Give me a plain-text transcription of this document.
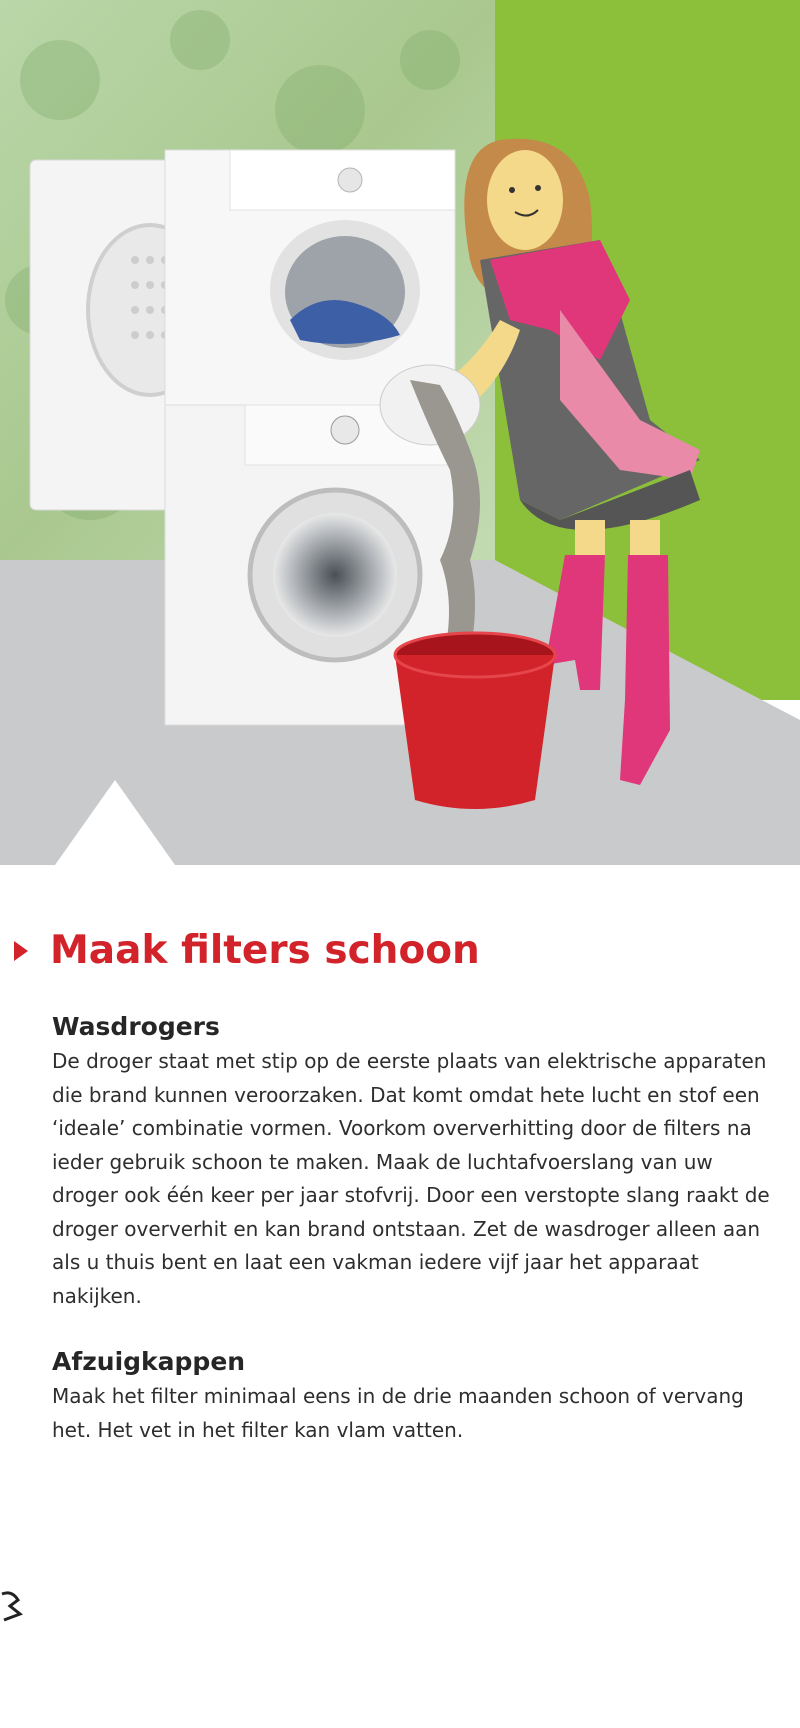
Maak filters schoon
Wasdrogers

De droger staat met stip op de eerste plaats van elektrische apparaten die brand kunnen veroorzaken. Dat komt omdat hete lucht en stof een ‘ideale’ combinatie vormen. Voorkom oververhitting door de filters na ieder gebruik schoon te maken. Maak de luchtafvoerslang van uw droger ook één keer per jaar stofvrij. Door een verstopte slang raakt de droger oververhit en kan brand ontstaan. Zet de wasdroger alleen aan als u thuis bent en laat een vakman iedere vijf jaar het apparaat nakijken.

Afzuigkappen

Maak het filter minimaal eens in de drie maanden schoon of vervang het. Het vet in het filter kan vlam vatten.
